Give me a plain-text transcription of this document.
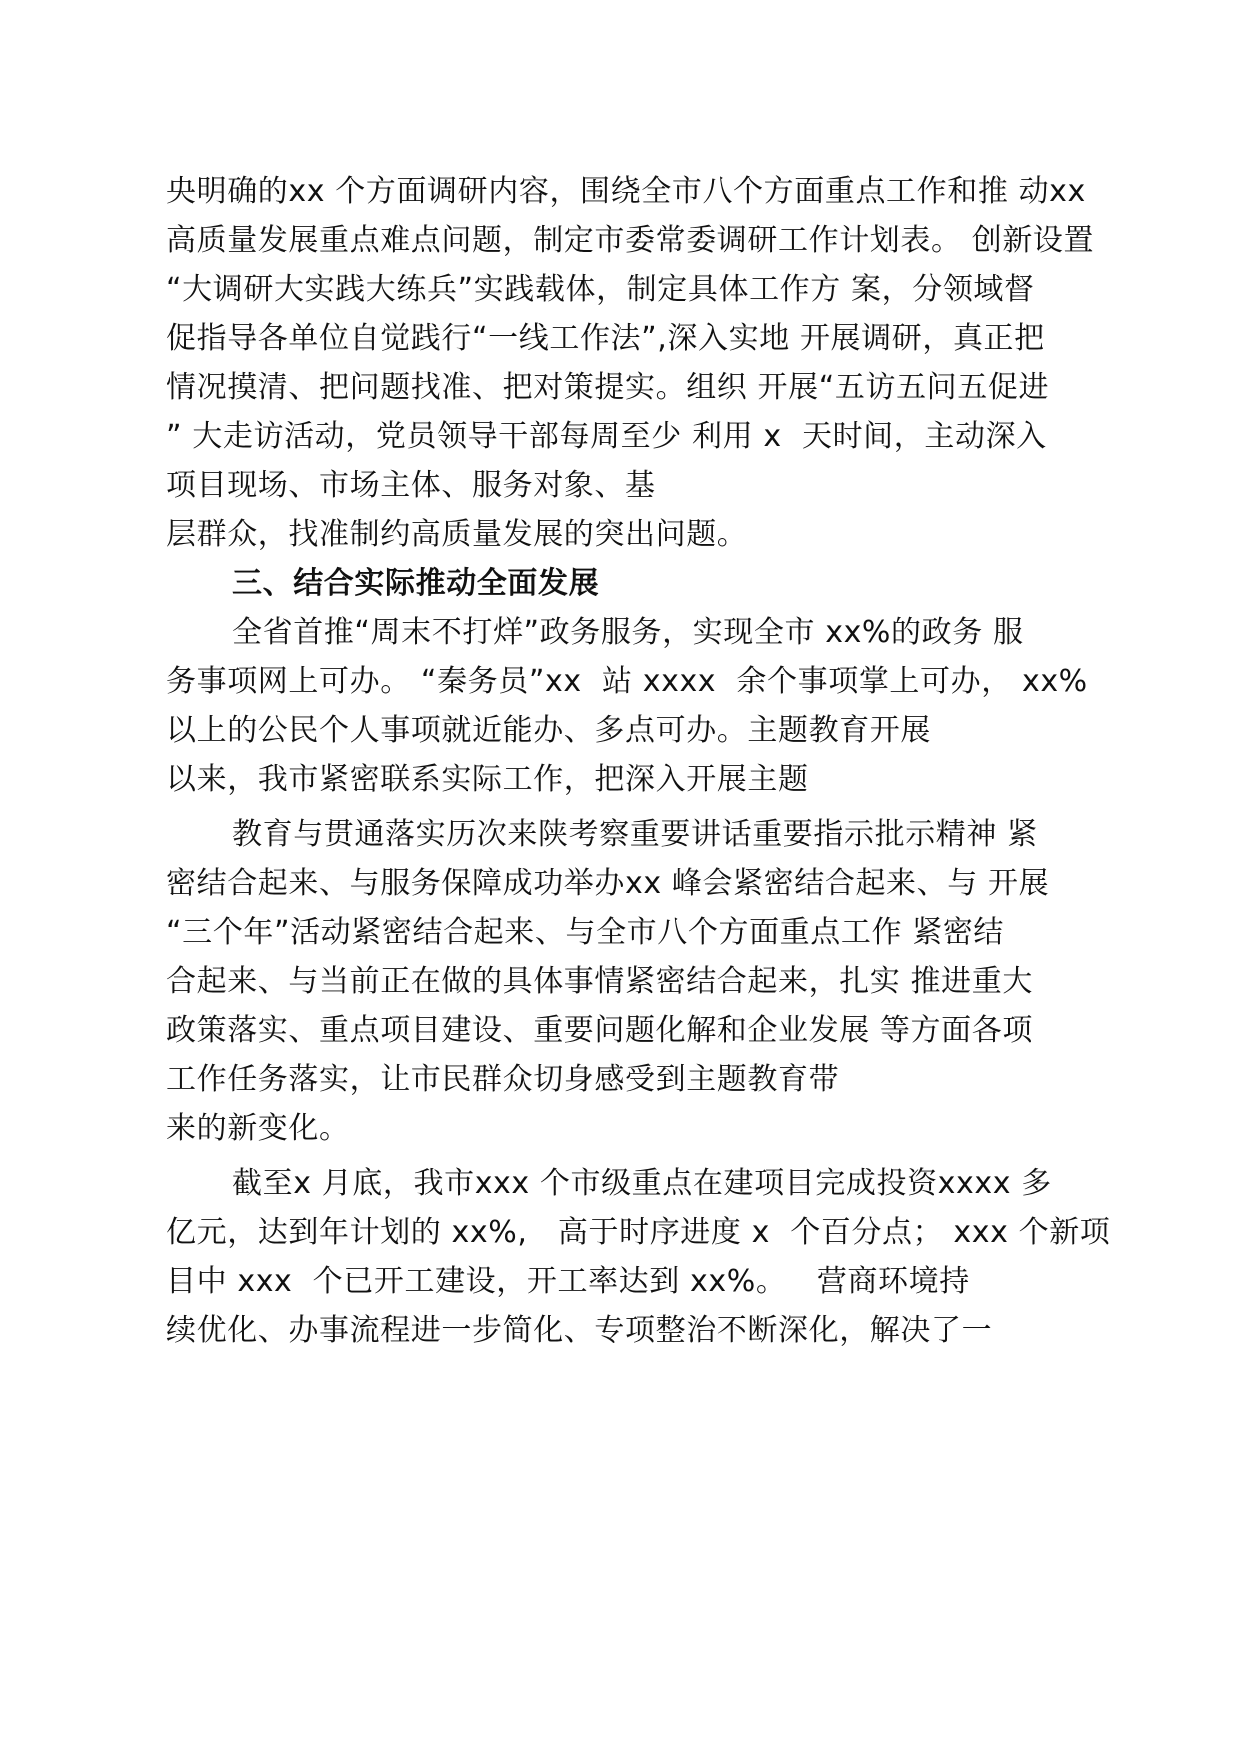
央明确的xx 个方面调研内容，围绕全市八个方面重点工作和推 动xx
高质量发展重点难点问题，制定市委常委调研工作计划表。 创新设置
“大调研大实践大练兵”实践载体，制定具体工作方 案，分领域督
促指导各单位自觉践行“一线工作法”,深入实地 开展调研，真正把
情况摸清、把问题找准、把对策提实。组织 开展“五访五问五促进
” 大走访活动，党员领导干部每周至少 利用 x  天时间，主动深入
项目现场、市场主体、服务对象、基
层群众，找准制约高质量发展的突出问题。
三、结合实际推动全面发展
全省首推“周末不打烊”政务服务，实现全市 xx%的政务 服
务事项网上可办。 “秦务员”xx  站 xxxx  余个事项掌上可办， xx%
以上的公民个人事项就近能办、多点可办。主题教育开展
以来，我市紧密联系实际工作，把深入开展主题
教育与贯通落实历次来陕考察重要讲话重要指示批示精神 紧
密结合起来、与服务保障成功举办xx 峰会紧密结合起来、与 开展
“三个年”活动紧密结合起来、与全市八个方面重点工作 紧密结
合起来、与当前正在做的具体事情紧密结合起来，扎实 推进重大
政策落实、重点项目建设、重要问题化解和企业发展 等方面各项
工作任务落实，让市民群众切身感受到主题教育带
来的新变化。
截至x 月底，我市xxx 个市级重点在建项目完成投资xxxx 多
亿元，达到年计划的 xx%,   高于时序进度 x  个百分点； xxx 个新项
目中 xxx  个已开工建设，开工率达到 xx%。   营商环境持
续优化、办事流程进一步简化、专项整治不断深化，解决了一
